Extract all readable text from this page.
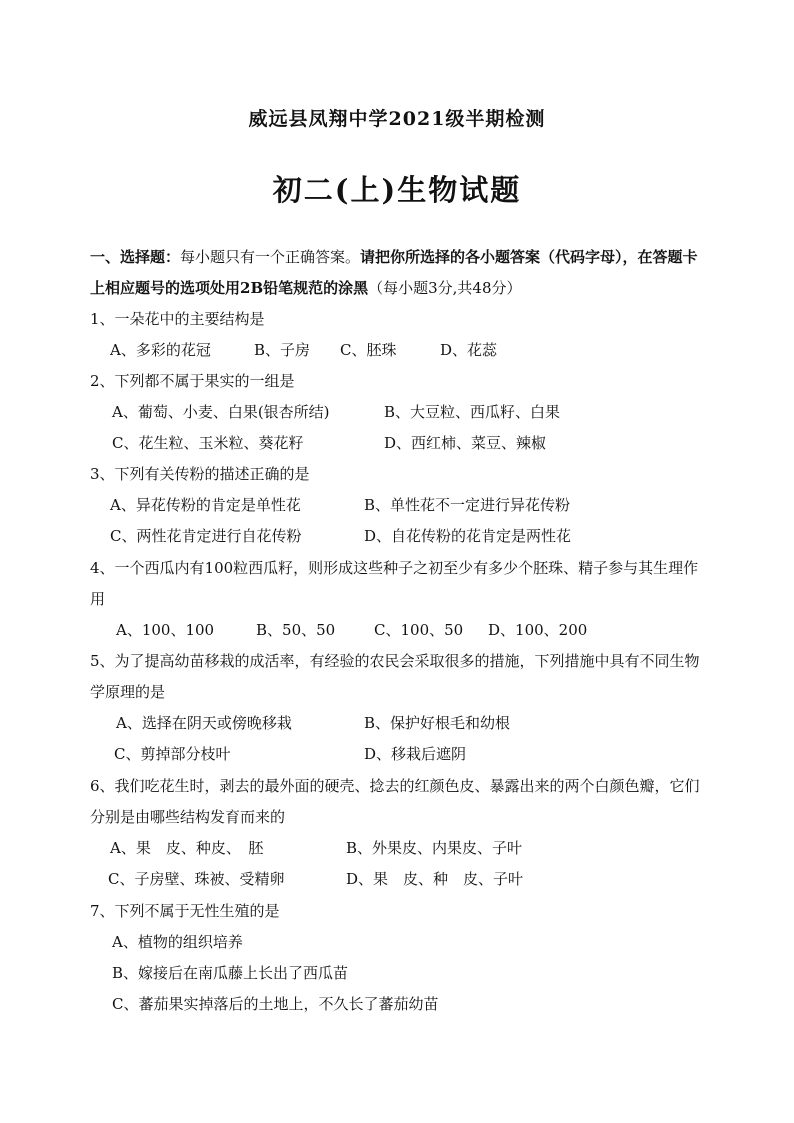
威远县凤翔中学2021级半期检测
初二(上)生物试题
一、选择题：每小题只有一个正确答案。请把你所选择的各小题答案（代码字母），在答题卡上相应题号的选项处用2B铅笔规范的涂黑（每小题3分,共48分）
1、一朵花中的主要结构是
A、多彩的花冠	B、子房 C、胚珠	D、花蕊
2、下列都不属于果实的一组是
A、葡萄、小麦、白果(银杏所结)	B、大豆粒、西瓜籽、白果
C、花生粒、玉米粒、葵花籽	D、西红柿、菜豆、辣椒
3、下列有关传粉的描述正确的是
A、异花传粉的肯定是单性花	B、单性花不一定进行异花传粉
C、两性花肯定进行自花传粉	D、自花传粉的花肯定是两性花
4、一个西瓜内有100粒西瓜籽，则形成这些种子之初至少有多少个胚珠、精子参与其生理作用
A、100、100	B、50、50	C、100、50 D、100、200
5、为了提高幼苗移栽的成活率，有经验的农民会采取很多的措施，下列措施中具有不同生物学原理的是
A、选择在阴天或傍晚移栽	B、保护好根毛和幼根
C、剪掉部分枝叶	D、移栽后遮阴
6、我们吃花生时，剥去的最外面的硬壳、捻去的红颜色皮、暴露出来的两个白颜色瓣，它们分别是由哪些结构发育而来的
A、果　皮、种皮、　胚	B、外果皮、内果皮、子叶
C、子房壁、珠被、受精卵	D、果　皮、种　皮、子叶
7、下列不属于无性生殖的是
A、植物的组织培养
B、嫁接后在南瓜藤上长出了西瓜苗
C、蕃茄果实掉落后的土地上，不久长了蕃茄幼苗
